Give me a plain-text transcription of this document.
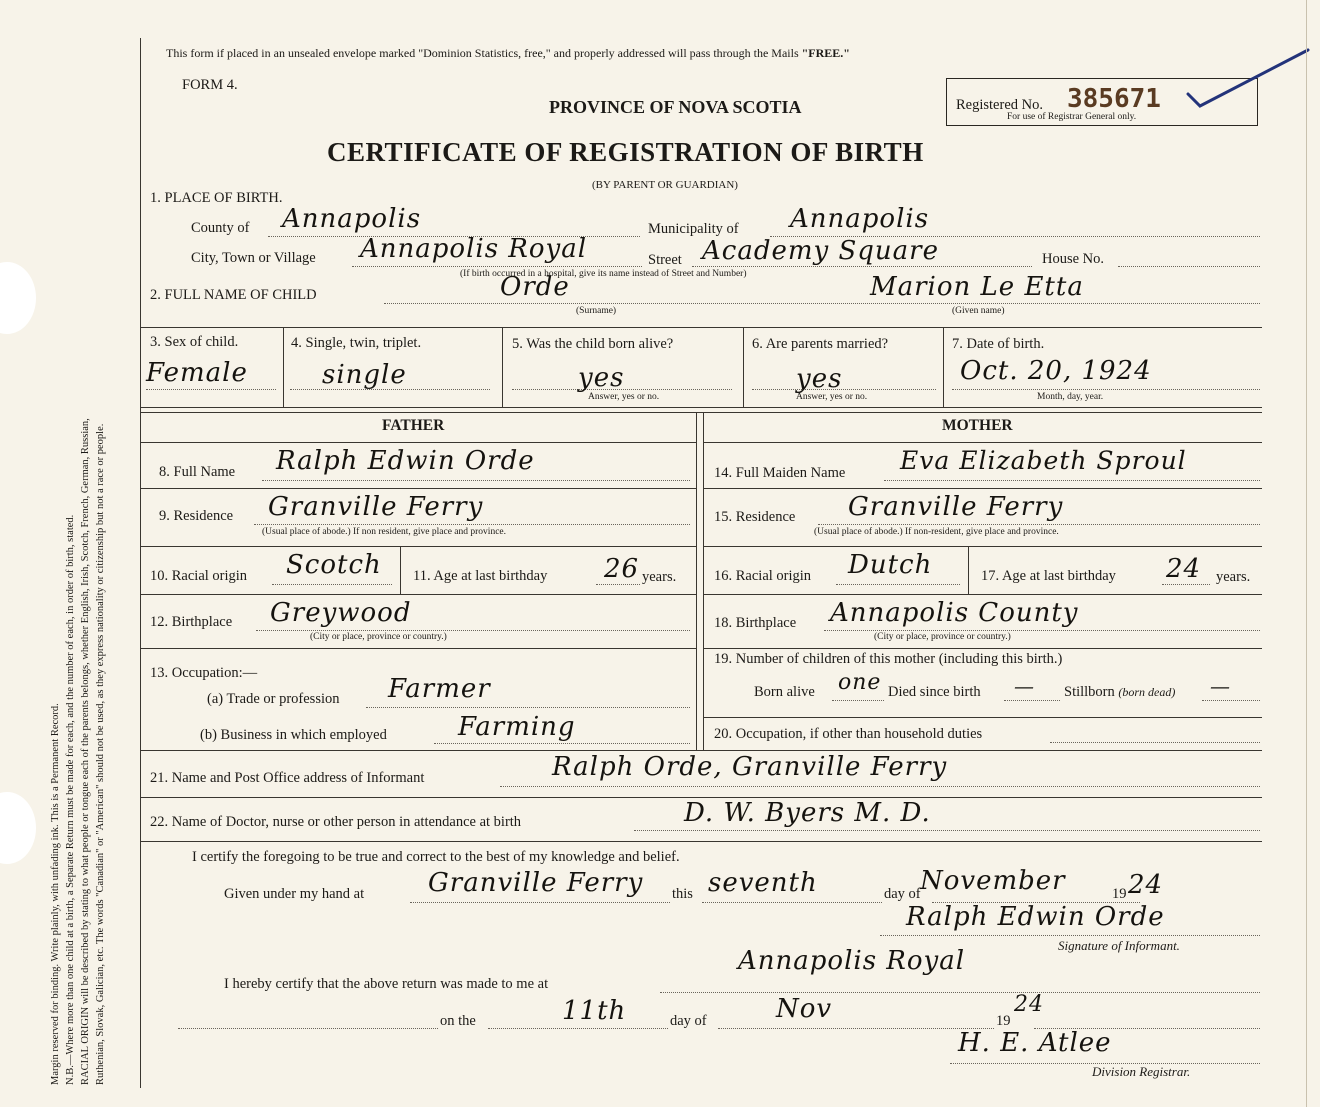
Margin reserved for binding. Write plainly, with unfading ink. This is a Permanent Record. N.B.—Where more than one child at a birth, a Separate Return must be made for each, and the number of each, in order of birth, stated. RACIAL ORIGIN will be described by stating to what people or tongue each of the parents belongs, whether English, Irish, Scotch, French, German, Russian, Ruthenian, Slovak, Galician, etc. The words "Canadian" or "American" should not be used, as they express nationality or citizenship but not a race or people.
This form if placed in an unsealed envelope marked "Dominion Statistics, free," and properly addressed will pass through the Mails "FREE."
FORM 4.
PROVINCE OF NOVA SCOTIA
CERTIFICATE OF REGISTRATION OF BIRTH
(BY PARENT OR GUARDIAN)
Registered No. 385671
For use of Registrar General only.
1. PLACE OF BIRTH.
County of Annapolis	Municipality of Annapolis
City, Town or Village Annapolis Royal	Street Academy Square	House No.
(If birth occurred in a hospital, give its name instead of Street and Number)
2. FULL NAME OF CHILD	Orde	Marion Le Etta
(Surname)	(Given name)
3. Sex of child.
Female
4. Single, twin, triplet.
single
5. Was the child born alive?
yes
Answer, yes or no.
6. Are parents married?
yes
Answer, yes or no.
7. Date of birth.
Oct. 20, 1924
Month, day, year.
FATHER	MOTHER
8. Full Name Ralph Edwin Orde	14. Full Maiden Name Eva Elizabeth Sproul
9. Residence Granville Ferry
(Usual place of abode.) If non resident, give place and province.
15. Residence Granville Ferry
(Usual place of abode.) If non-resident, give place and province.
10. Racial origin Scotch 11. Age at last birthday 26 years.	16. Racial origin Dutch	17. Age at last birthday 24 years.
12. Birthplace Greywood
(City or place, province or country.)
18. Birthplace Annapolis County
(City or place, province or country.)
13. Occupation:—
(a) Trade or profession Farmer
(b) Business in which employed	Farming
19. Number of children of this mother (including this birth.)
Born alive one Died since birth — Stillborn (born dead) —
20. Occupation, if other than household duties
21. Name and Post Office address of Informant	Ralph Orde, Granville Ferry
22. Name of Doctor, nurse or other person in attendance at birth	D. W. Byers M. D.
I certify the foregoing to be true and correct to the best of my knowledge and belief.
Given under my hand at Granville Ferry this seventh	day of November	19 24
Ralph Edwin Orde
Signature of Informant.
I hereby certify that the above return was made to me at
Annapolis Royal
on the	11th	day of	Nov	19
24
H. E. Atlee
Division Registrar.
